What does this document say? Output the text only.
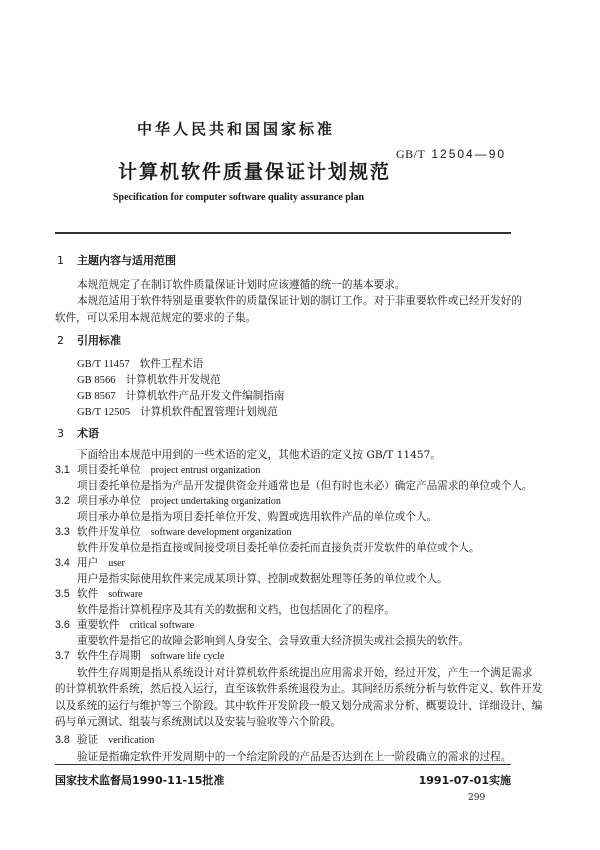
中华人民共和国国家标准
GB/T 12504—90
计算机软件质量保证计划规范
Specification for computer software quality assurance plan
1 主题内容与适用范围
本规范规定了在制订软件质量保证计划时应该遵循的统一的基本要求。
本规范适用于软件特别是重要软件的质量保证计划的制订工作。对于非重要软件或已经开发好的
软件，可以采用本规范规定的要求的子集。
2 引用标准
GB/T 11457 软件工程术语
GB 8566 计算机软件开发规范
GB 8567 计算机软件产品开发文件编制指南
GB/T 12505 计算机软件配置管理计划规范
3 术语
下面给出本规范中用到的一些术语的定义，其他术语的定义按 GB/T 11457。
国家技术监督局1990-11-15批准	1991-07-01实施
299
3.1 项目委托单位 project entrust organization
项目委托单位是指为产品开发提供资金并通常也是（但有时也未必）确定产品需求的单位或个人。
3.2 项目承办单位 project undertaking organization
项目承办单位是指为项目委托单位开发、购置或选用软件产品的单位或个人。
3.3 软件开发单位 software development organization
软件开发单位是指直接或间接受项目委托单位委托而直接负责开发软件的单位或个人。
3.4 用户 user
用户是指实际使用软件来完成某项计算、控制或数据处理等任务的单位或个人。
3.5 软件 software
软件是指计算机程序及其有关的数据和文档，也包括固化了的程序。
3.6 重要软件 critical software
重要软件是指它的故障会影响到人身安全、会导致重大经济损失或社会损失的软件。
3.7 软件生存周期 software life cycle
软件生存周期是指从系统设计对计算机软件系统提出应用需求开始，经过开发，产生一个满足需求
的计算机软件系统，然后投入运行，直至该软件系统退役为止。其间经历系统分析与软件定义、软件开发
以及系统的运行与维护等三个阶段。其中软件开发阶段一般又划分成需求分析、概要设计、详细设计、编
码与单元测试、组装与系统测试以及安装与验收等六个阶段。
3.8 验证 verification
验证是指确定软件开发周期中的一个给定阶段的产品是否达到在上一阶段确立的需求的过程。
